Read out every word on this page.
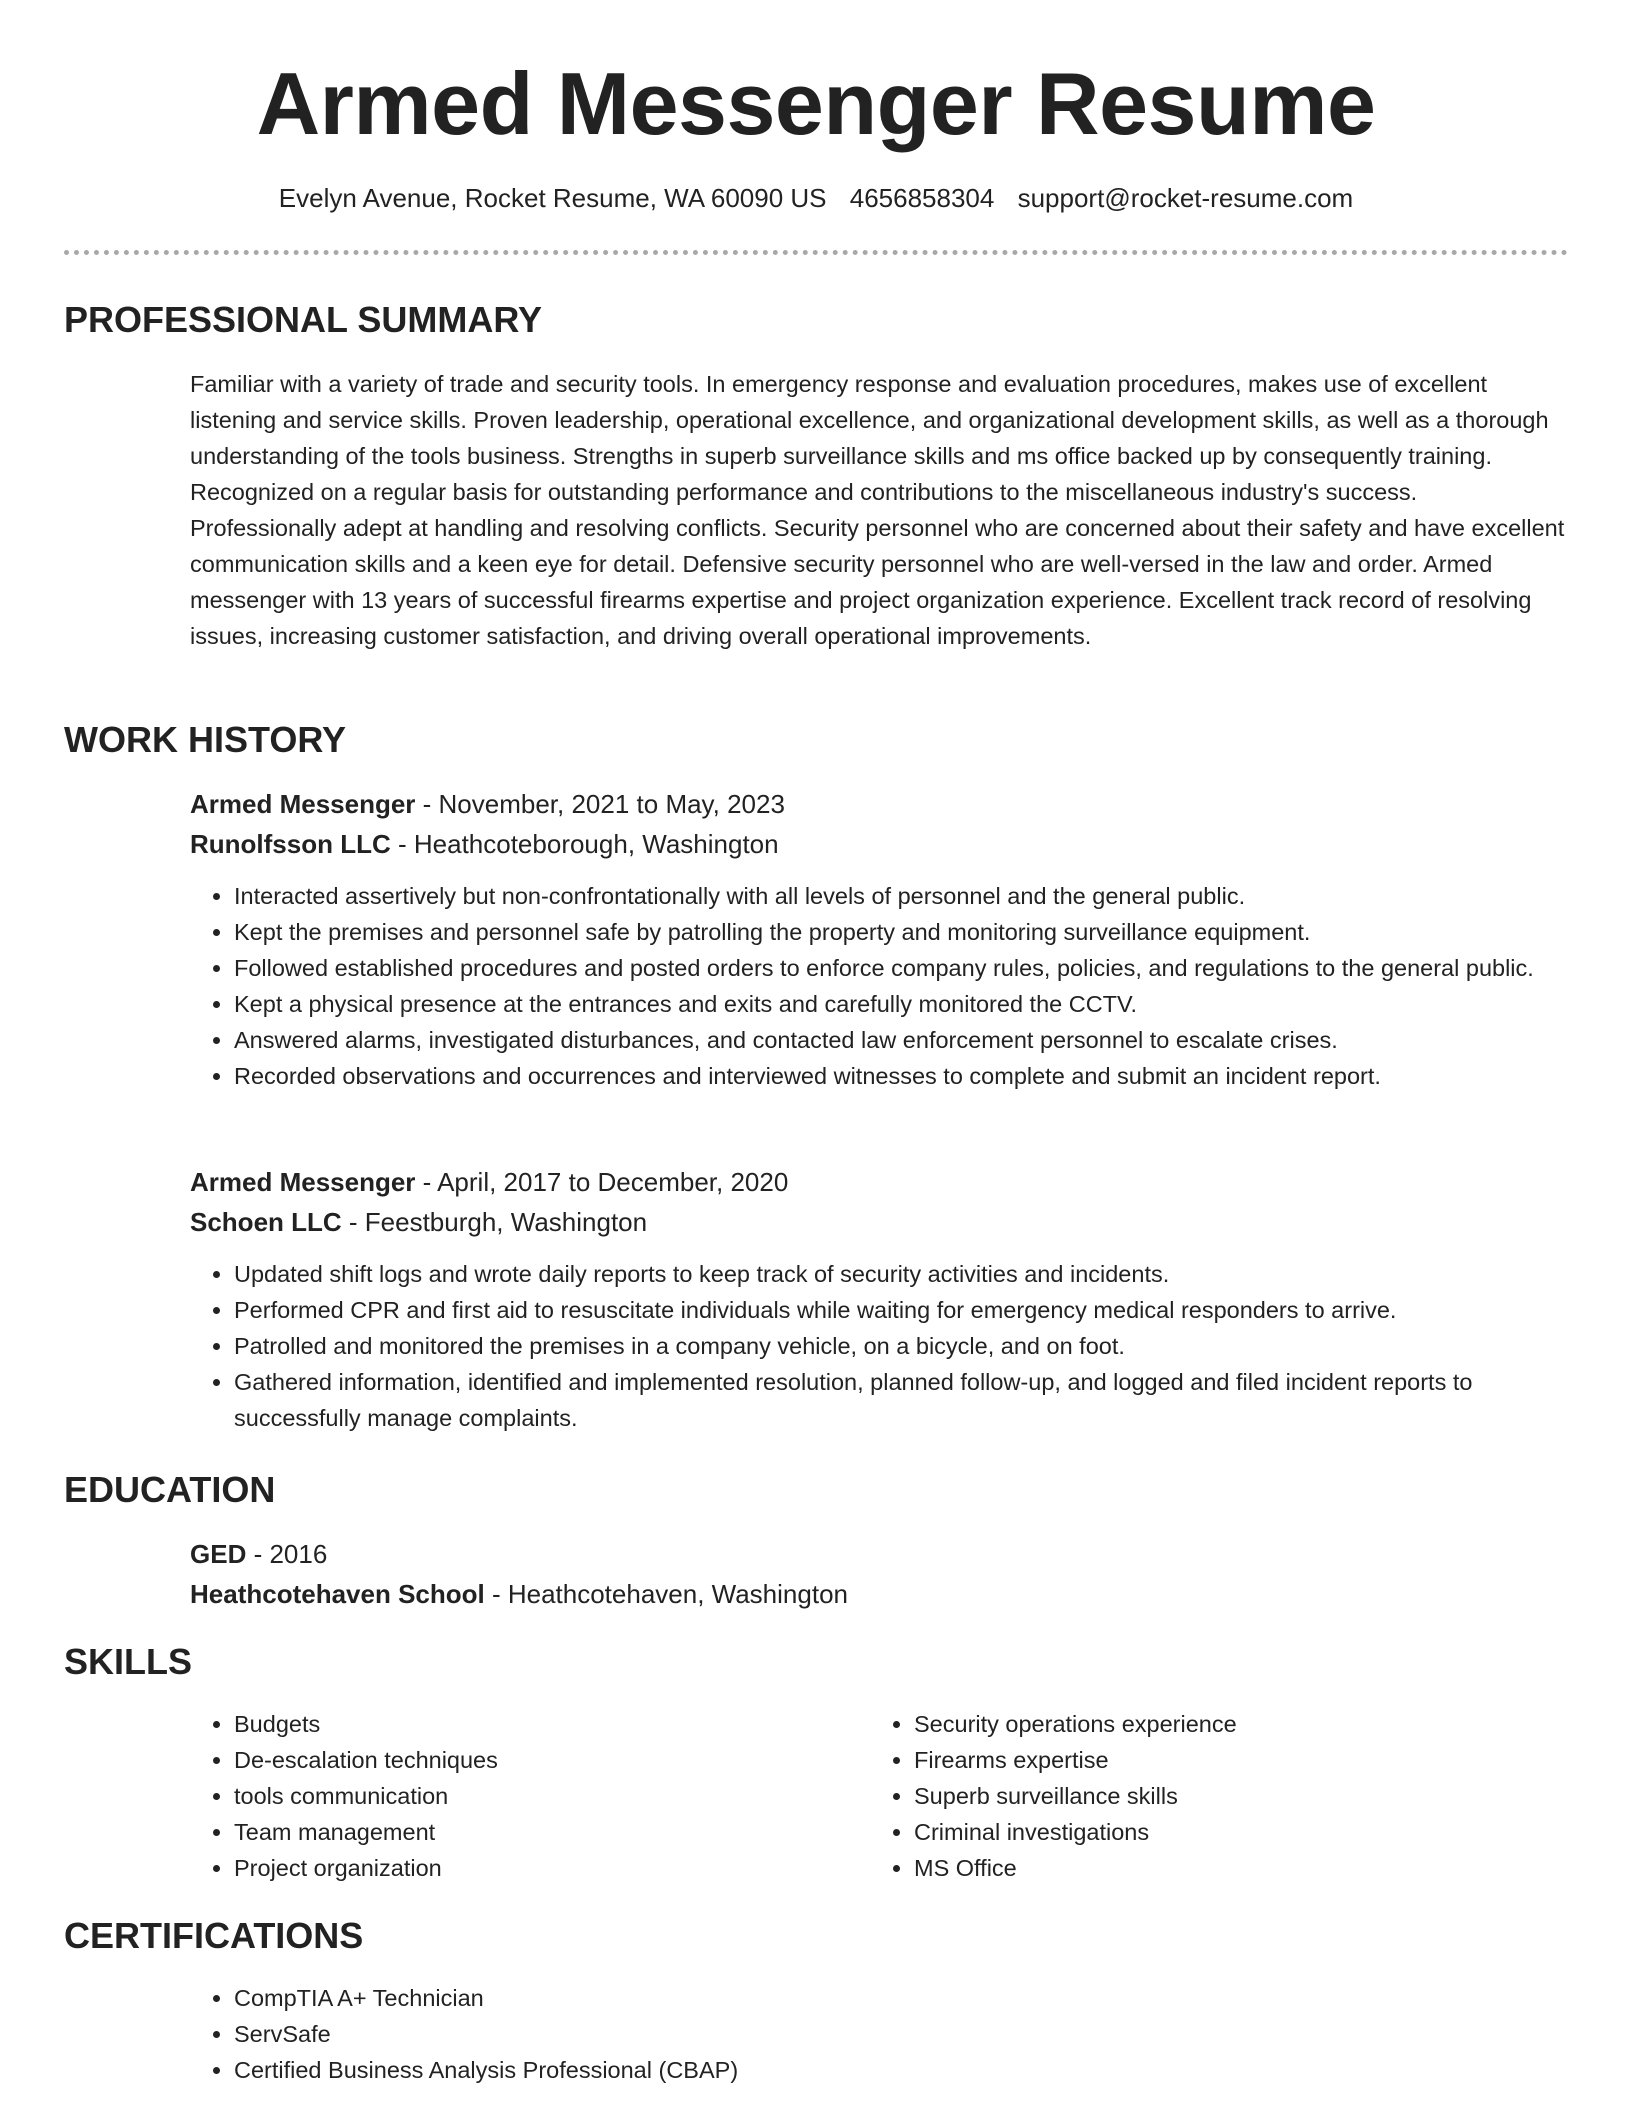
Armed Messenger Resume
Evelyn Avenue, Rocket Resume, WA 60090 US 4656858304 support@rocket-resume.com
PROFESSIONAL SUMMARY
Familiar with a variety of trade and security tools. In emergency response and evaluation procedures, makes use of excellent listening and service skills. Proven leadership, operational excellence, and organizational development skills, as well as a thorough understanding of the tools business. Strengths in superb surveillance skills and ms office backed up by consequently training. Recognized on a regular basis for outstanding performance and contributions to the miscellaneous industry's success. Professionally adept at handling and resolving conflicts. Security personnel who are concerned about their safety and have excellent communication skills and a keen eye for detail. Defensive security personnel who are well-versed in the law and order. Armed messenger with 13 years of successful firearms expertise and project organization experience. Excellent track record of resolving issues, increasing customer satisfaction, and driving overall operational improvements.
WORK HISTORY
Armed Messenger - November, 2021 to May, 2023
Runolfsson LLC - Heathcoteborough, Washington
• Interacted assertively but non-confrontationally with all levels of personnel and the general public.
• Kept the premises and personnel safe by patrolling the property and monitoring surveillance equipment.
• Followed established procedures and posted orders to enforce company rules, policies, and regulations to the general public.
• Kept a physical presence at the entrances and exits and carefully monitored the CCTV.
• Answered alarms, investigated disturbances, and contacted law enforcement personnel to escalate crises.
• Recorded observations and occurrences and interviewed witnesses to complete and submit an incident report.
Armed Messenger - April, 2017 to December, 2020
Schoen LLC - Feestburgh, Washington
• Updated shift logs and wrote daily reports to keep track of security activities and incidents.
• Performed CPR and first aid to resuscitate individuals while waiting for emergency medical responders to arrive.
• Patrolled and monitored the premises in a company vehicle, on a bicycle, and on foot.
• Gathered information, identified and implemented resolution, planned follow-up, and logged and filed incident reports to successfully manage complaints.
EDUCATION
GED - 2016
Heathcotehaven School - Heathcotehaven, Washington
SKILLS
• Budgets
• De-escalation techniques
• tools communication
• Team management
• Project organization
• Security operations experience
• Firearms expertise
• Superb surveillance skills
• Criminal investigations
• MS Office
CERTIFICATIONS
• CompTIA A+ Technician
• ServSafe
• Certified Business Analysis Professional (CBAP)
